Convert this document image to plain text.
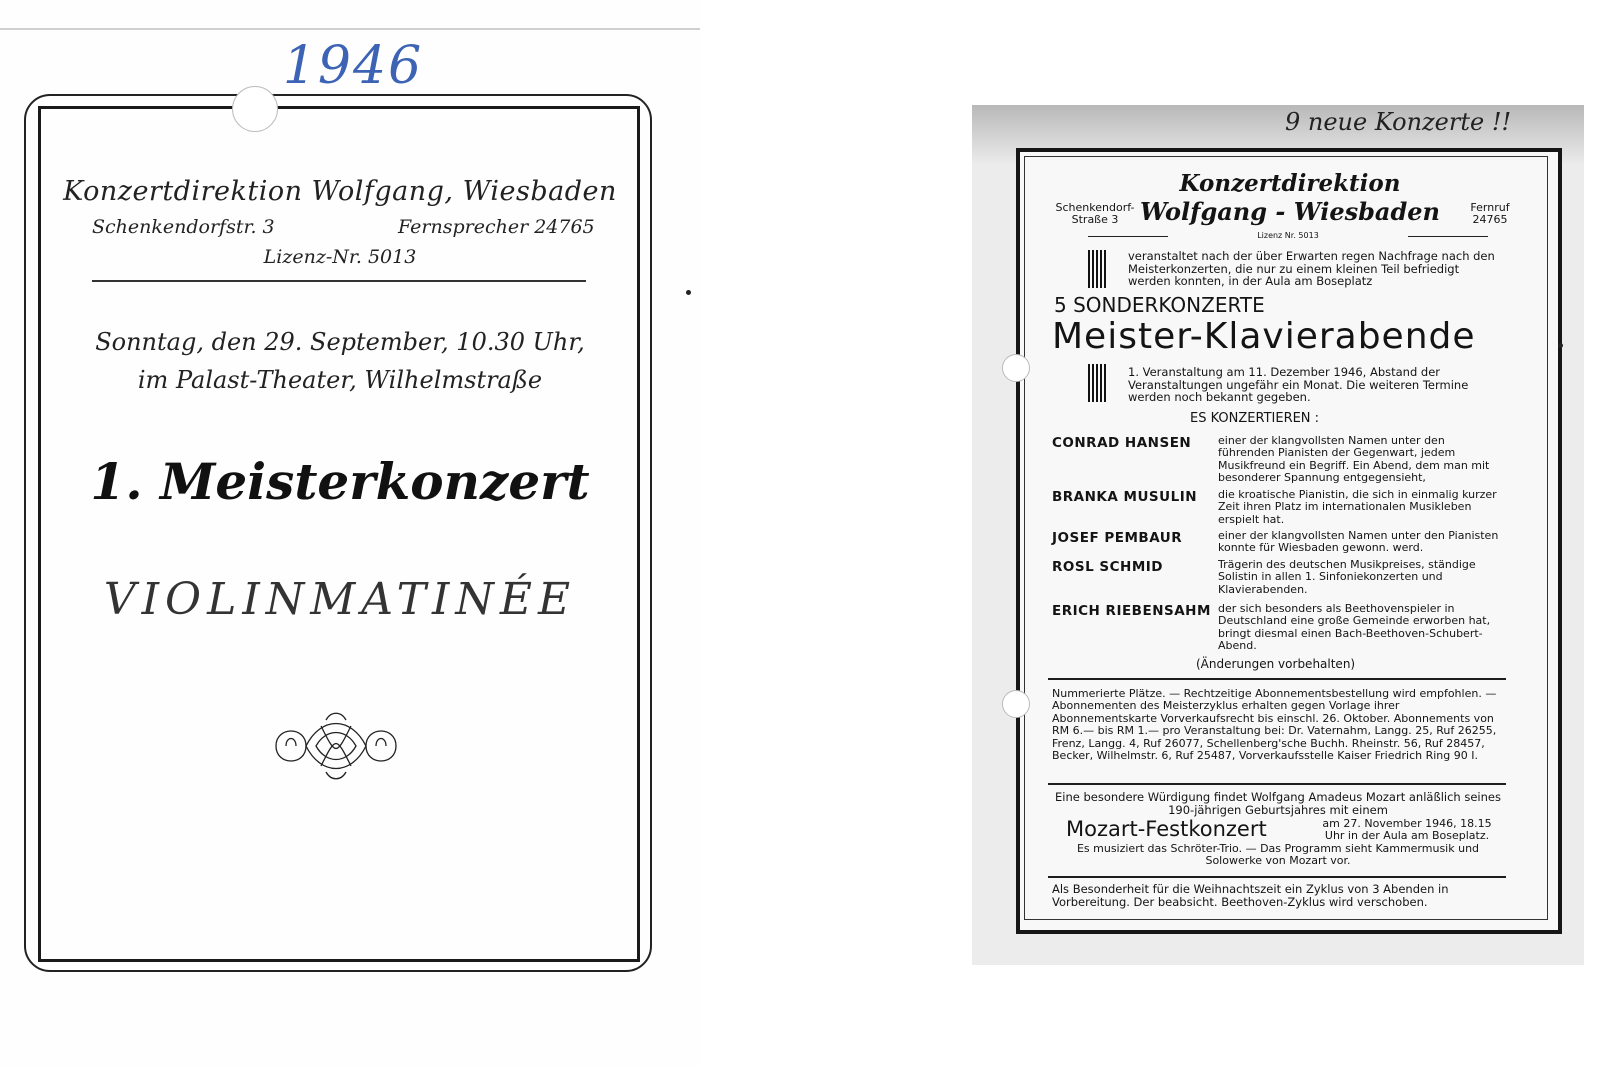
1946
Konzertdirektion Wolfgang, Wiesbaden
Schenkendorfstr. 3	Fernsprecher 24765
Lizenz-Nr. 5013
Sonntag, den 29. September, 10.30 Uhr,
im Palast-Theater, Wilhelmstraße
1. Meisterkonzert
VIOLINMATINÉE
9 neue Konzerte !!
Konzertdirektion
Wolfgang - Wiesbaden
Schenkendorf-
Straße 3
Fernruf
24765
Lizenz Nr. 5013
veranstaltet nach der über Erwarten regen Nachfrage nach den Meisterkonzerten, die nur zu einem kleinen Teil befriedigt werden konnten, in der Aula am Boseplatz
5 SONDERKONZERTE
Meister-Klavierabende
1. Veranstaltung am 11. Dezember 1946, Abstand der Veranstaltungen ungefähr ein Monat. Die weiteren Termine werden noch bekannt gegeben.
ES KONZERTIEREN :
CONRAD HANSEN einer der klangvollsten Namen unter den führenden Pianisten der Gegenwart, jedem Musikfreund ein Begriff. Ein Abend, dem man mit besonderer Spannung entgegensieht,
BRANKA MUSULIN die kroatische Pianistin, die sich in einmalig kurzer Zeit ihren Platz im internationalen Musikleben erspielt hat.
JOSEF PEMBAUR	einer der klangvollsten Namen unter den Pianisten konnte für Wiesbaden gewonn. werd.
ROSL SCHMID	Trägerin des deutschen Musikpreises, ständige Solistin in allen 1. Sinfoniekonzerten und Klavierabenden.
ERICH RIEBENSAHM der sich besonders als Beethovenspieler in Deutschland eine große Gemeinde erworben hat, bringt diesmal einen Bach-Beethoven-Schubert-Abend.
(Änderungen vorbehalten)
Nummerierte Plätze. — Rechtzeitige Abonnementsbestellung wird empfohlen. — Abonnementen des Meisterzyklus erhalten gegen Vorlage ihrer Abonnementskarte Vorverkaufsrecht bis einschl. 26. Oktober. Abonnements von RM 6.— bis RM 1.— pro Veranstaltung bei: Dr. Vaternahm, Langg. 25, Ruf 26255, Frenz, Langg. 4, Ruf 26077, Schellenberg'sche Buchh. Rheinstr. 56, Ruf 28457, Becker, Wilhelmstr. 6, Ruf 25487, Vorverkaufsstelle Kaiser Friedrich Ring 90 I.
Eine besondere Würdigung findet Wolfgang Amadeus Mozart anläßlich seines 190-jährigen Geburtsjahres mit einem
Mozart-Festkonzert	am 27. November 1946, 18.15 Uhr in der Aula am Boseplatz.
Es musiziert das Schröter-Trio. — Das Programm sieht Kammermusik und Solowerke von Mozart vor.
Als Besonderheit für die Weihnachtszeit ein Zyklus von 3 Abenden in Vorbereitung. Der beabsicht. Beethoven-Zyklus wird verschoben.
